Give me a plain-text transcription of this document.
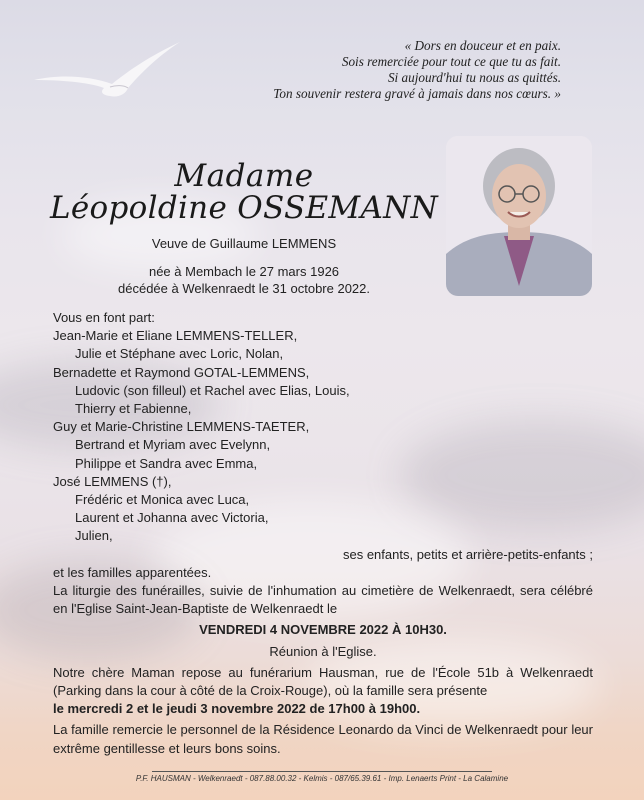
« Dors en douceur et en paix.
Sois remerciée pour tout ce que tu as fait.
Si aujourd'hui tu nous as quittés.
Ton souvenir restera gravé à jamais dans nos cœurs. »
Madame
Léopoldine OSSEMANN
Veuve de Guillaume LEMMENS
née à Membach le 27 mars 1926
décédée à Welkenraedt le 31 octobre 2022.

Vous en font part:

Jean-Marie et Eliane LEMMENS-TELLER,

Julie et Stéphane avec Loric, Nolan,

Bernadette et Raymond GOTAL-LEMMENS,

Ludovic (son filleul) et Rachel avec Elias, Louis,

Thierry et Fabienne,

Guy et Marie-Christine LEMMENS-TAETER,

Bertrand et Myriam avec Evelynn,

Philippe et Sandra avec Emma,

José LEMMENS (†),

Frédéric et Monica avec Luca,

Laurent et Johanna avec Victoria,

Julien,

ses enfants, petits et arrière-petits-enfants ;

et les familles apparentées.

La liturgie des funérailles, suivie de l'inhumation au cimetière de Welkenraedt, sera célébré en l'Eglise Saint-Jean-Baptiste de Welkenraedt le

VENDREDI 4 NOVEMBRE 2022 À 10H30.

Réunion à l'Eglise.

Notre chère Maman repose au funérarium Hausman, rue de l'École 51b à Welkenraedt (Parking dans la cour à côté de la Croix-Rouge), où la famille sera présente

le mercredi 2 et le jeudi 3 novembre 2022 de 17h00 à 19h00.

La famille remercie le personnel de la Résidence Leonardo da Vinci de Welkenraedt pour leur extrême gentillesse et leurs bons soins.

P.F. HAUSMAN - Welkenraedt - 087.88.00.32 - Kelmis - 087/65.39.61 - Imp. Lenaerts Print - La Calamine
